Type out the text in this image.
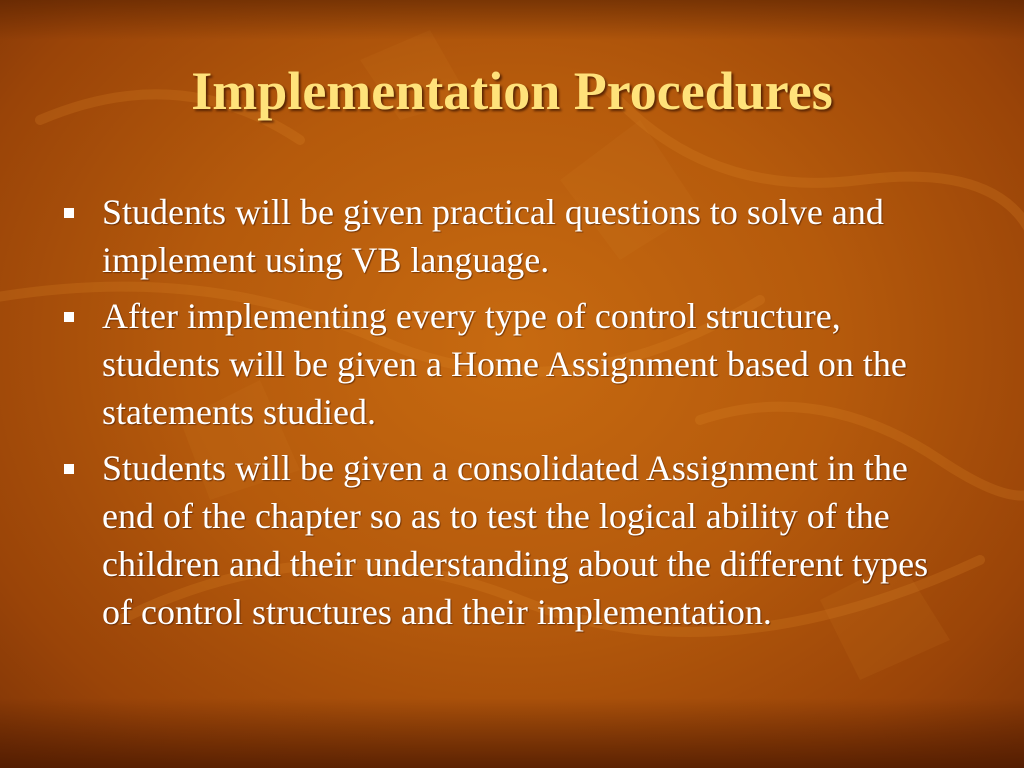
Implementation Procedures
Students will be given practical questions to solve and implement using VB language.
After implementing every type of control structure, students will be given a Home Assignment based on the statements studied.
Students will be given a consolidated Assignment in the end of the chapter so as to test the logical ability of the children and their understanding about the different types of control structures and their implementation.
